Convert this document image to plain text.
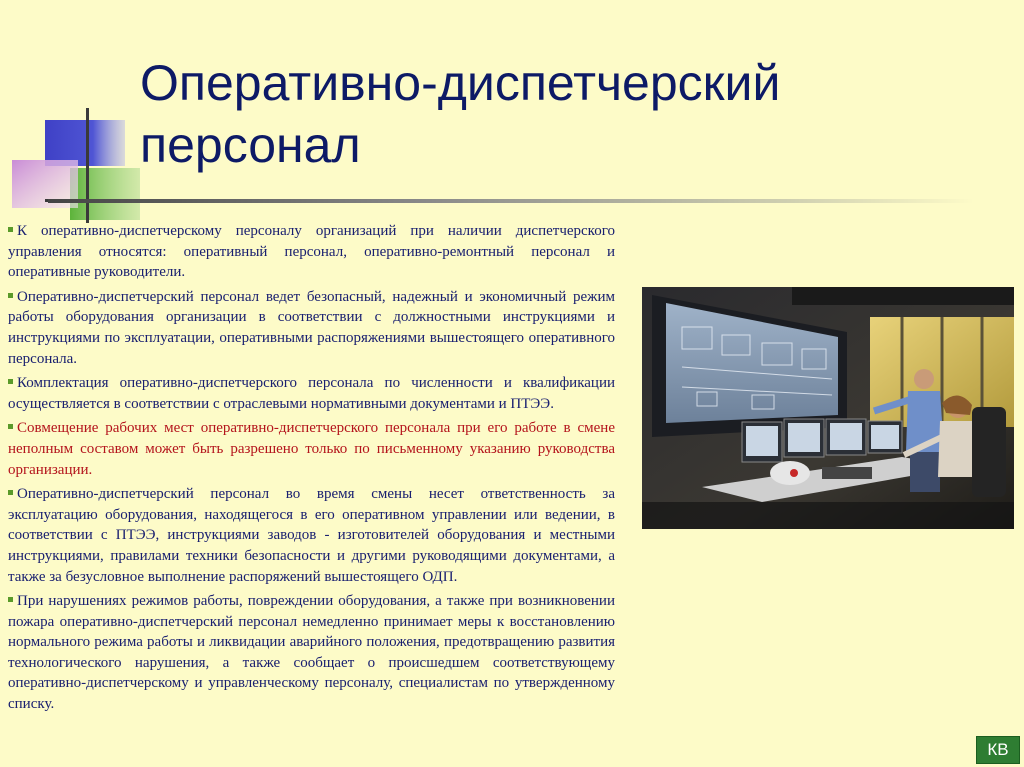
Оперативно-диспетчерский персонал

К оперативно-диспетчерскому персоналу организаций при наличии диспетчерского управления относятся: оперативный персонал, оперативно-ремонтный персонал и оперативные руководители.

Оперативно-диспетчерский персонал ведет безопасный, надежный и экономичный режим работы оборудования организации в соответствии с должностными инструкциями и инструкциями по эксплуатации, оперативными распоряжениями вышестоящего оперативного персонала.

Комплектация оперативно-диспетчерского персонала по численности и квалификации осуществляется в соответствии с отраслевыми нормативными документами и ПТЭЭ.

Совмещение рабочих мест оперативно-диспетчерского персонала при его работе в смене неполным составом может быть разрешено только по письменному указанию руководства организации.

Оперативно-диспетчерский персонал во время смены несет ответственность за эксплуатацию оборудования, находящегося в его оперативном управлении или ведении, в соответствии с ПТЭЭ, инструкциями заводов - изготовителей оборудования и местными инструкциями, правилами техники безопасности и другими руководящими документами, а также за безусловное выполнение распоряжений вышестоящего ОДП.

При нарушениях режимов работы, повреждении оборудования, а также при возникновении пожара оперативно-диспетчерский персонал немедленно принимает меры к восстановлению нормального режима работы и ликвидации аварийного положения, предотвращению развития технологического нарушения, а также сообщает о происшедшем соответствующему оперативно-диспетчерскому и управленческому персоналу, специалистам по утвержденному списку.

КВ
